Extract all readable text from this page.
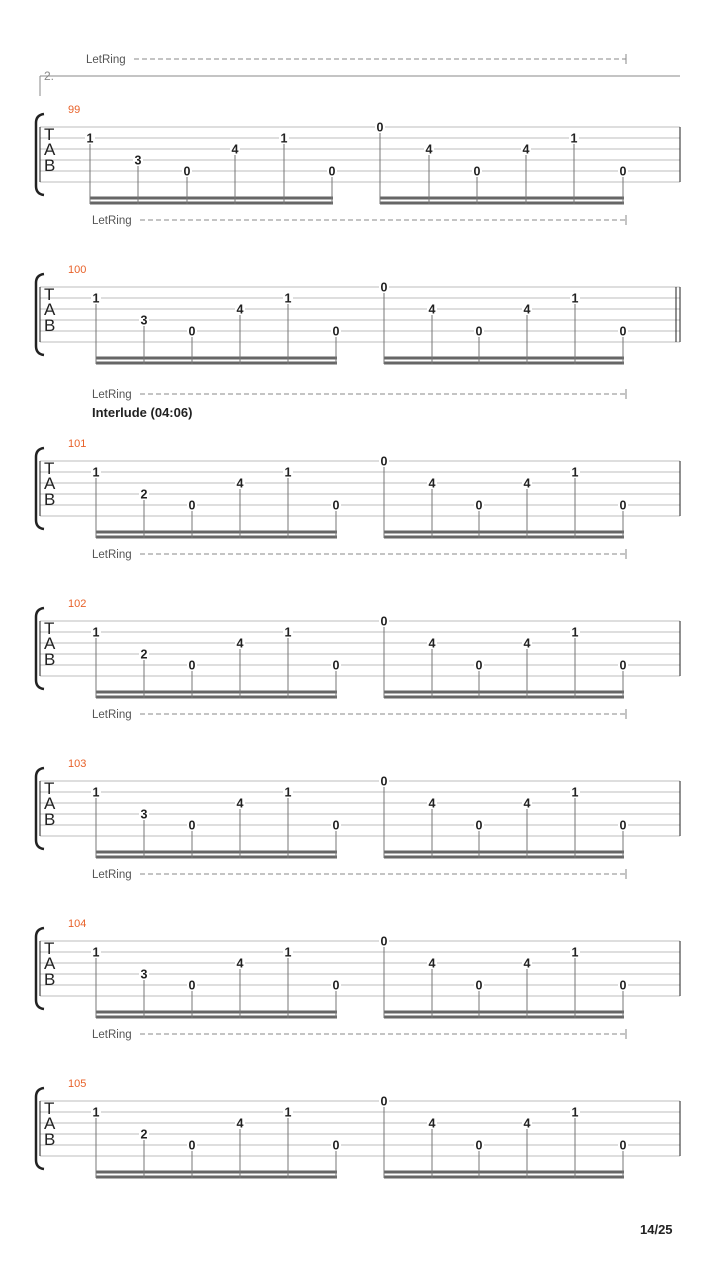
2.
LetRing
99
T
A
B
1
3
0
4
1
0
0
4
0
4
1
0
LetRing
100
T
A
B
1
3
0
4
1
0
0
4
0
4
1
0
Interlude (04:06)
LetRing
101
T
A
B
1
2
0
4
1
0
0
4
0
4
1
0
LetRing
102
T
A
B
1
2
0
4
1
0
0
4
0
4
1
0
LetRing
103
T
A
B
1
3
0
4
1
0
0
4
0
4
1
0
LetRing
104
T
A
B
1
3
0
4
1
0
0
4
0
4
1
0
LetRing
105
T
A
B
1
2
0
4
1
0
0
4
0
4
1
0
14/25
